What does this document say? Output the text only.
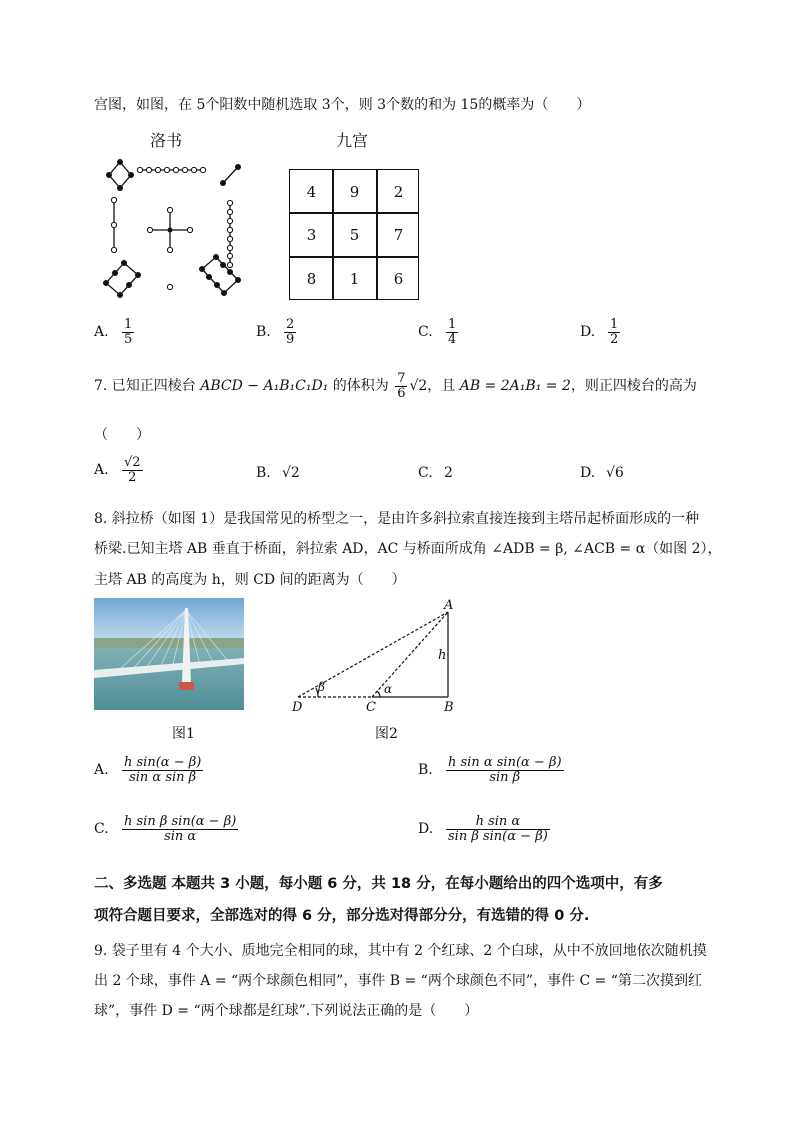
宫图，如图，在 5个阳数中随机选取 3个，则 3个数的和为 15的概率为（　　）
洛书	九宫
4	9	2
3	5	7
8	1	6
A. $\frac{1}{5}$	B. $\frac{2}{9}$	C. $\frac{1}{4}$	D. $\frac{1}{2}$
7. 已知正四棱台 ABCD − A₁B₁C₁D₁ 的体积为 $\frac{7}{6} √2$，且 AB = 2A₁B₁ = 2，则正四棱台的高为
（　　）
A. $\frac{√2}{2}$	B. √2	C. 2	D. √6
8. 斜拉桥（如图 1）是我国常见的桥型之一，是由许多斜拉索直接连接到主塔吊起桥面形成的一种
桥梁.已知主塔 AB 垂直于桥面，斜拉索 AD，AC 与桥面所成角 ∠ADB = β, ∠ACB = α（如图 2），
主塔 AB 的高度为 h，则 CD 间的距离为（　　）
图1
A
h
β	α
D	C	B
图2
A. $\frac{\text{h sin(α − β)}}{\text{sin α sin β}}$	B. $\frac{\text{h sin α sin(α − β)}}{\text{sin β}}$
C. $\frac{\text{h sin β sin(α − β)}}{\text{sin α}}$	D. $\frac{\text{h sin α}}{\text{sin β sin(α − β)}}$
二、多选题 本题共 3 小题，每小题 6 分，共 18 分，在每小题给出的四个选项中，有多
项符合题目要求，全部选对的得 6 分，部分选对得部分分，有选错的得 0 分.
9. 袋子里有 4 个大小、质地完全相同的球，其中有 2 个红球、2 个白球，从中不放回地依次随机摸
出 2 个球，事件 A = “两个球颜色相同”，事件 B = “两个球颜色不同”，事件 C = “第二次摸到红
球”，事件 D = “两个球都是红球”.下列说法正确的是（　　）
